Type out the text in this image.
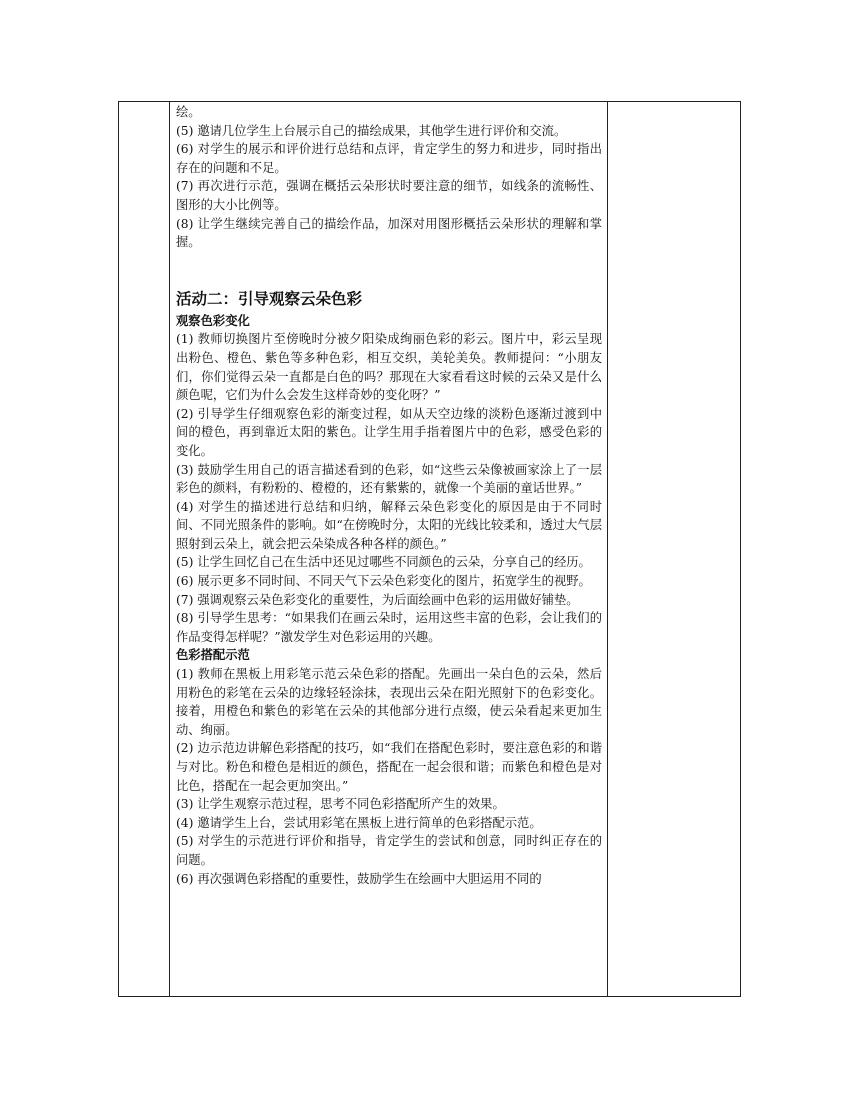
绘。

(5) 邀请几位学生上台展示自己的描绘成果，其他学生进行评价和交流。

(6) 对学生的展示和评价进行总结和点评，肯定学生的努力和进步，同时指出存在的问题和不足。

(7) 再次进行示范，强调在概括云朵形状时要注意的细节，如线条的流畅性、图形的大小比例等。

(8) 让学生继续完善自己的描绘作品，加深对用图形概括云朵形状的理解和掌握。

活动二：引导观察云朵色彩
观察色彩变化

(1) 教师切换图片至傍晚时分被夕阳染成绚丽色彩的彩云。图片中，彩云呈现出粉色、橙色、紫色等多种色彩，相互交织，美轮美奂。教师提问：“小朋友们，你们觉得云朵一直都是白色的吗？那现在大家看看这时候的云朵又是什么颜色呢，它们为什么会发生这样奇妙的变化呀？”

(2) 引导学生仔细观察色彩的渐变过程，如从天空边缘的淡粉色逐渐过渡到中间的橙色，再到靠近太阳的紫色。让学生用手指着图片中的色彩，感受色彩的变化。

(3) 鼓励学生用自己的语言描述看到的色彩，如“这些云朵像被画家涂上了一层彩色的颜料，有粉粉的、橙橙的，还有紫紫的，就像一个美丽的童话世界。”

(4) 对学生的描述进行总结和归纳，解释云朵色彩变化的原因是由于不同时间、不同光照条件的影响。如“在傍晚时分，太阳的光线比较柔和，透过大气层照射到云朵上，就会把云朵染成各种各样的颜色。”

(5) 让学生回忆自己在生活中还见过哪些不同颜色的云朵，分享自己的经历。

(6) 展示更多不同时间、不同天气下云朵色彩变化的图片，拓宽学生的视野。

(7) 强调观察云朵色彩变化的重要性，为后面绘画中色彩的运用做好铺垫。

(8) 引导学生思考：“如果我们在画云朵时，运用这些丰富的色彩，会让我们的作品变得怎样呢？”激发学生对色彩运用的兴趣。

色彩搭配示范

(1) 教师在黑板上用彩笔示范云朵色彩的搭配。先画出一朵白色的云朵，然后用粉色的彩笔在云朵的边缘轻轻涂抹，表现出云朵在阳光照射下的色彩变化。接着，用橙色和紫色的彩笔在云朵的其他部分进行点缀，使云朵看起来更加生动、绚丽。

(2) 边示范边讲解色彩搭配的技巧，如“我们在搭配色彩时，要注意色彩的和谐与对比。粉色和橙色是相近的颜色，搭配在一起会很和谐；而紫色和橙色是对比色，搭配在一起会更加突出。”

(3) 让学生观察示范过程，思考不同色彩搭配所产生的效果。

(4) 邀请学生上台，尝试用彩笔在黑板上进行简单的色彩搭配示范。

(5) 对学生的示范进行评价和指导，肯定学生的尝试和创意，同时纠正存在的问题。

(6) 再次强调色彩搭配的重要性，鼓励学生在绘画中大胆运用不同的
